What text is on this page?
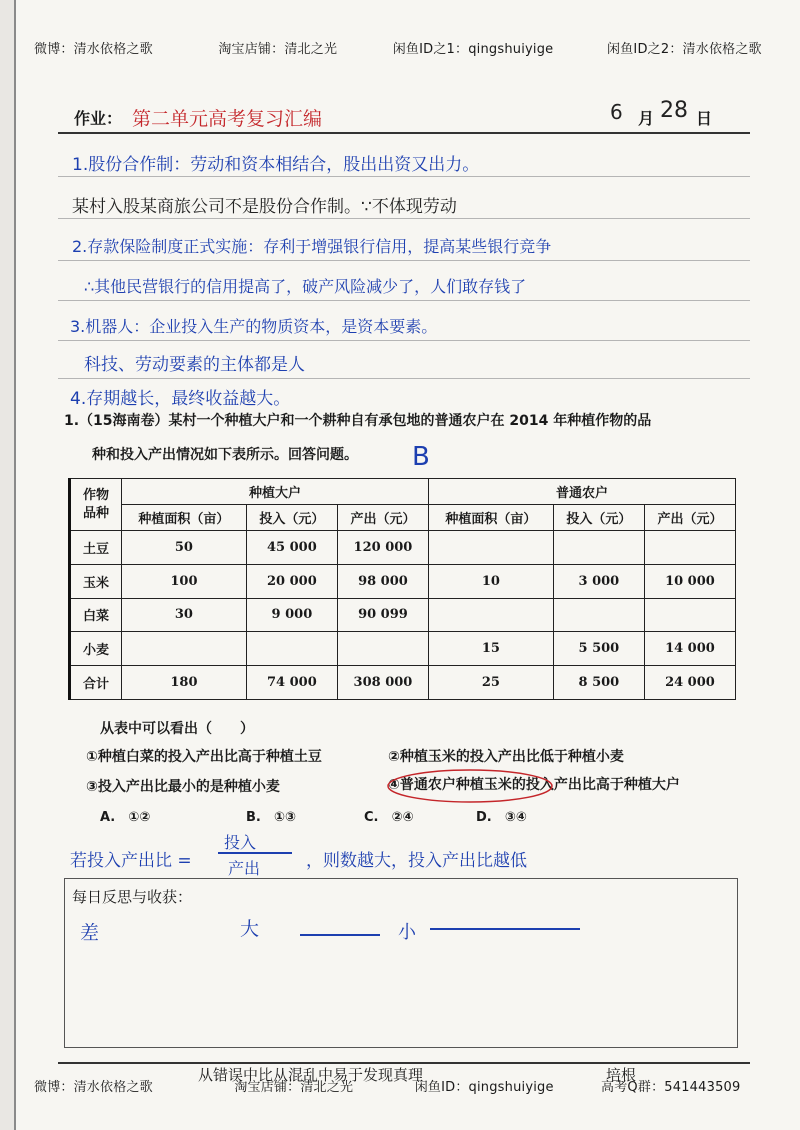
微博：清水依格之歌	淘宝店铺：清北之光	闲鱼ID之1：qingshuiyige	闲鱼ID之2：清水依格之歌
作业： 第二单元高考复习汇编	6 月 28 日
1.股份合作制：劳动和资本相结合，股出出资又出力。
某村入股某商旅公司不是股份合作制。∵不体现劳动
2.存款保险制度正式实施：存利于增强银行信用，提高某些银行竞争
∴其他民营银行的信用提高了，破产风险减少了，人们敢存钱了
3.机器人：企业投入生产的物质资本，是资本要素。
科技、劳动要素的主体都是人
4.存期越长，最终收益越大。
1.（15海南卷）某村一个种植大户和一个耕种自有承包地的普通农户在 2014 年种植作物的品
种和投入产出情况如下表所示。回答问题。 B
作物
品种	种植大户			普通农户		
	种植面积（亩）	投入（元）	产出（元）	种植面积（亩）	投入（元）	产出（元）
土豆	50	45 000	120 000			
玉米	100	20 000	98 000	10	3 000	10 000
白菜	30	9 000	90 099			
小麦				15	5 500	14 000
合计	180	74 000	308 000	25	8 500	24 000
从表中可以看出（　　）
①种植白菜的投入产出比高于种植土豆	②种植玉米的投入产出比低于种植小麦
③投入产出比最小的是种植小麦	④普通农户种植玉米的投入产出比高于种植大户
A.　①②	B.　①③	C.　②④	D.　③④
若投入产出比 =
投入
产出	，则数越大，投入产出比越低
每日反思与收获：
差	大	小
从错误中比从混乱中易于发现真理	培根
微博：清水依格之歌	淘宝店铺：清北之光	闲鱼ID：qingshuiyige	高考Q群：541443509
